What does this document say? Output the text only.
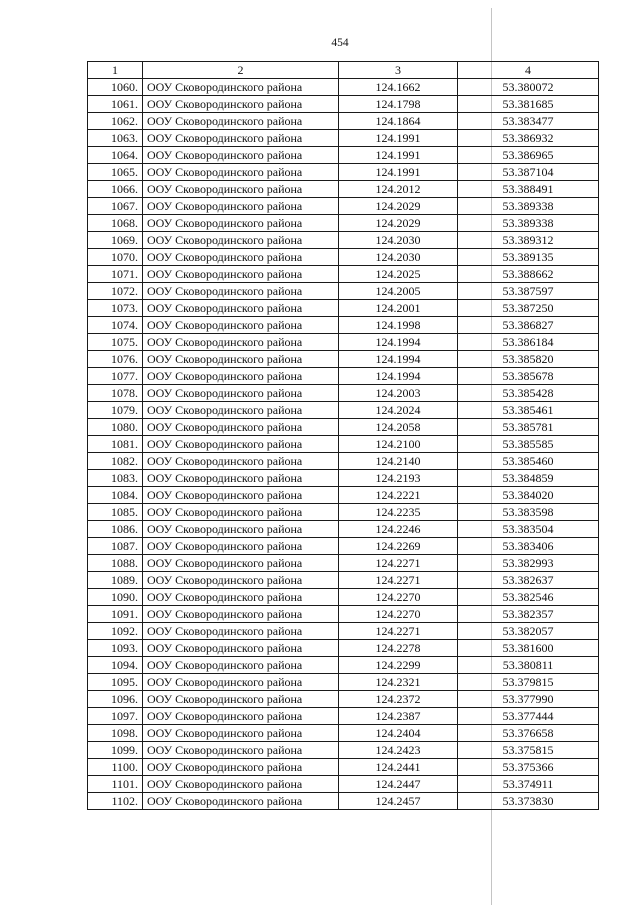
454
1	2	3	4
1060.	ООУ Сковородинского района	124.1662	53.380072
1061.	ООУ Сковородинского района	124.1798	53.381685
1062.	ООУ Сковородинского района	124.1864	53.383477
1063.	ООУ Сковородинского района	124.1991	53.386932
1064.	ООУ Сковородинского района	124.1991	53.386965
1065.	ООУ Сковородинского района	124.1991	53.387104
1066.	ООУ Сковородинского района	124.2012	53.388491
1067.	ООУ Сковородинского района	124.2029	53.389338
1068.	ООУ Сковородинского района	124.2029	53.389338
1069.	ООУ Сковородинского района	124.2030	53.389312
1070.	ООУ Сковородинского района	124.2030	53.389135
1071.	ООУ Сковородинского района	124.2025	53.388662
1072.	ООУ Сковородинского района	124.2005	53.387597
1073.	ООУ Сковородинского района	124.2001	53.387250
1074.	ООУ Сковородинского района	124.1998	53.386827
1075.	ООУ Сковородинского района	124.1994	53.386184
1076.	ООУ Сковородинского района	124.1994	53.385820
1077.	ООУ Сковородинского района	124.1994	53.385678
1078.	ООУ Сковородинского района	124.2003	53.385428
1079.	ООУ Сковородинского района	124.2024	53.385461
1080.	ООУ Сковородинского района	124.2058	53.385781
1081.	ООУ Сковородинского района	124.2100	53.385585
1082.	ООУ Сковородинского района	124.2140	53.385460
1083.	ООУ Сковородинского района	124.2193	53.384859
1084.	ООУ Сковородинского района	124.2221	53.384020
1085.	ООУ Сковородинского района	124.2235	53.383598
1086.	ООУ Сковородинского района	124.2246	53.383504
1087.	ООУ Сковородинского района	124.2269	53.383406
1088.	ООУ Сковородинского района	124.2271	53.382993
1089.	ООУ Сковородинского района	124.2271	53.382637
1090.	ООУ Сковородинского района	124.2270	53.382546
1091.	ООУ Сковородинского района	124.2270	53.382357
1092.	ООУ Сковородинского района	124.2271	53.382057
1093.	ООУ Сковородинского района	124.2278	53.381600
1094.	ООУ Сковородинского района	124.2299	53.380811
1095.	ООУ Сковородинского района	124.2321	53.379815
1096.	ООУ Сковородинского района	124.2372	53.377990
1097.	ООУ Сковородинского района	124.2387	53.377444
1098.	ООУ Сковородинского района	124.2404	53.376658
1099.	ООУ Сковородинского района	124.2423	53.375815
1100.	ООУ Сковородинского района	124.2441	53.375366
1101.	ООУ Сковородинского района	124.2447	53.374911
1102.	ООУ Сковородинского района	124.2457	53.373830
